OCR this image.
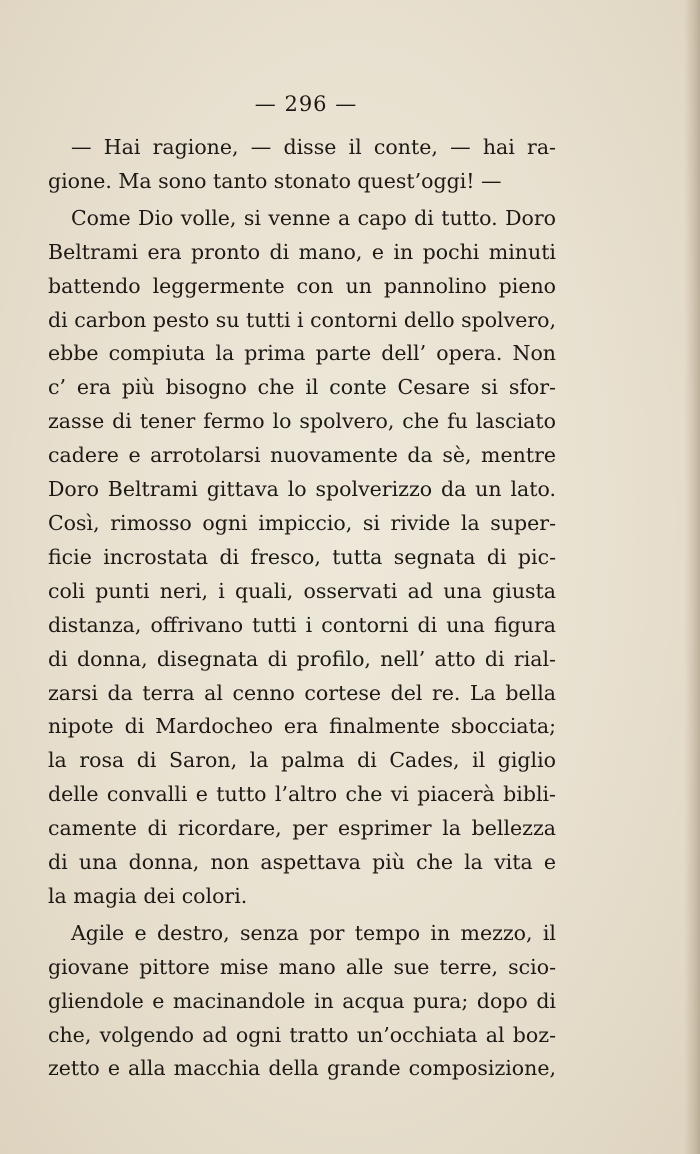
— 296 —
— Hai ragione, — disse il conte, — hai ra-
gione. Ma sono tanto stonato quest’oggi! —
Come Dio volle, si venne a capo di tutto. Doro
Beltrami era pronto di mano, e in pochi minuti
battendo leggermente con un pannolino pieno
di carbon pesto su tutti i contorni dello spolvero,
ebbe compiuta la prima parte dell’ opera. Non
c’ era più bisogno che il conte Cesare si sfor-
zasse di tener fermo lo spolvero, che fu lasciato
cadere e arrotolarsi nuovamente da sè, mentre
Doro Beltrami gittava lo spolverizzo da un lato.
Così, rimosso ogni impiccio, si rivide la super-
ficie incrostata di fresco, tutta segnata di pic-
coli punti neri, i quali, osservati ad una giusta
distanza, offrivano tutti i contorni di una figura
di donna, disegnata di profilo, nell’ atto di rial-
zarsi da terra al cenno cortese del re. La bella
nipote di Mardocheo era finalmente sbocciata;
la rosa di Saron, la palma di Cades, il giglio
delle convalli e tutto l’altro che vi piacerà bibli-
camente di ricordare, per esprimer la bellezza
di una donna, non aspettava più che la vita e
la magia dei colori.
Agile e destro, senza por tempo in mezzo, il
giovane pittore mise mano alle sue terre, scio-
gliendole e macinandole in acqua pura; dopo di
che, volgendo ad ogni tratto un’occhiata al boz-
zetto e alla macchia della grande composizione,
